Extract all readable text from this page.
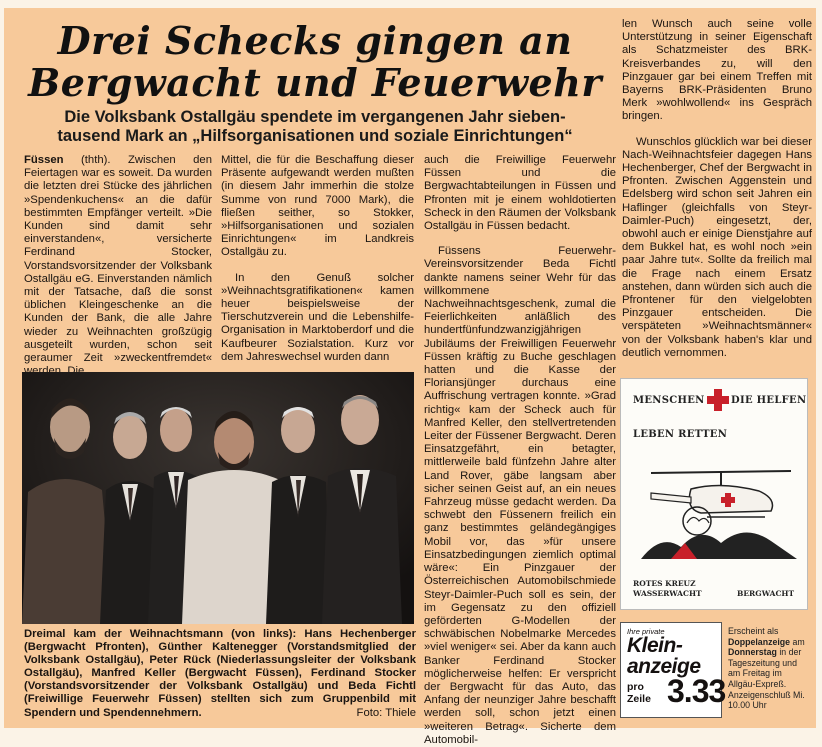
Drei Schecks gingen an
Bergwacht und Feuerwehr
Die Volksbank Ostallgäu spendete im vergangenen Jahr sieben-
tausend Mark an „Hilfsorganisationen und soziale Einrichtungen“

Füssen (thth). Zwischen den Feiertagen war es soweit. Da wurden die letzten drei Stücke des jährlichen »Spendenkuchens« an die dafür bestimmten Empfänger verteilt. »Die Kunden sind damit sehr einverstanden«, versicherte Ferdinand Stocker, Vorstandsvorsitzender der Volksbank Ostallgäu eG. Einverstanden nämlich mit der Tatsache, daß die sonst üblichen Kleingeschenke an die Kunden der Bank, die alle Jahre wieder zu Weihnachten großzügig ausgeteilt wurden, schon seit geraumer Zeit »zweckentfremdet«

Mittel, die für die Beschaffung dieser Präsente aufgewandt werden mußten (in diesem Jahr immerhin die stolze Summe von rund 7000 Mark), die fließen seither, so Stokker, »Hilfsorganisationen und sozialen Einrichtungen« im Landkreis Ostallgäu zu.

In den Genuß solcher »Weihnachtsgratifikationen« kamen heuer beispielsweise der Tierschutzverein und die Lebenshilfe-Organisation in Marktoberdorf und die Kaufbeurer Sozialstation. Kurz vor dem Jahreswechsel wurden dann

auch die Freiwillige Feuerwehr Füssen und die Bergwachtabteilungen in Füssen und Pfronten mit je einem wohldotierten Scheck in den Räumen der Volksbank Ostallgäu in Füssen bedacht.

Füssens Feuerwehr-Vereinsvorsitzender Beda Fichtl dankte namens seiner Wehr für das willkommene Nachweihnachtsgeschenk, zumal die Feierlichkeiten anläßlich des hundertfünfundzwanzigjährigen Jubiläums der Freiwilligen Feuerwehr Füssen kräftig zu Buche geschlagen hatten und die Kasse der Floriansjünger durchaus eine Auffrischung vertragen konnte. »Grad richtig« kam der Scheck auch für Manfred Keller, den stellvertretenden Leiter der Füssener Bergwacht. Deren Einsatzgefährt, ein betagter, mittlerweile bald fünfzehn Jahre alter Land Rover, gäbe langsam aber sicher seinen Geist auf, an ein neues Fahrzeug müsse gedacht werden. Da schwebt den Füssenern freilich ein ganz bestimmtes geländegängiges Mobil vor, das »für unsere Einsatzbedingungen ziemlich optimal wäre«: Ein Pinzgauer der Österreichischen Automobilschmiede Steyr-Daimler-Puch soll es sein, der im Gegensatz zu den offiziell geförderten G-Modellen der schwäbischen Nobelmarke Mercedes »viel weniger« sei. Aber da kann auch Banker Ferdinand Stocker möglicherweise helfen: Er verspricht der Bergwacht für das Auto, das Anfang der neunziger Jahre beschafft werden soll, schon jetzt einen »weiteren Betrag«. Sicherte dem Automobil-

len Wunsch auch seine volle Unterstützung in seiner Eigenschaft als Schatzmeister des BRK-Kreisverbandes zu, will den Pinzgauer gar bei einem Treffen mit Bayerns BRK-Präsidenten Bruno Merk »wohlwollend« ins Gespräch bringen.

Wunschlos glücklich war bei dieser Nach-Weihnachtsfeier dagegen Hans Hechenberger, Chef der Bergwacht in Pfronten. Zwischen Aggenstein und Edelsberg wird schon seit Jahren ein Haflinger (gleichfalls von Steyr-Daimler-Puch) eingesetzt, der, obwohl auch er einige Dienstjahre auf dem Bukkel hat, es wohl noch »ein paar Jahre tut«. Sollte da freilich mal die Frage nach einem Ersatz anstehen, dann würden sich auch die Pfrontener für den vielgelobten Pinzgauer entscheiden. Die verspäteten »Weihnachtsmänner« von der Volksbank haben's klar und deutlich vernommen.

Dreimal kam der Weihnachtsmann (von links): Hans Hechenberger (Bergwacht Pfronten), Günther Kaltenegger (Vorstandsmitglied der Volksbank Ostallgäu), Peter Rück (Niederlassungsleiter der Volksbank Ostallgäu), Manfred Keller (Bergwacht Füssen), Ferdinand Stocker (Vorstandsvorsitzender der Volksbank Ostallgäu) und Beda Fichtl (Freiwillige Feuerwehr Füssen) stellten sich zum Gruppenbild mit Spendern und Spendennehmern.	Foto: Thiele

MENSCHEN	DIE HELFEN
LEBEN RETTEN
ROTES KREUZ
WASSERWACHT	BERGWACHT
Ihre private
Klein-
anzeige
pro
Zeile 3.33

Erscheint als Doppelanzeige am Donnerstag in der Tageszeitung und am Freitag im Allgäu-Expreß. Anzeigenschluß Mi. 10.00 Uhr
